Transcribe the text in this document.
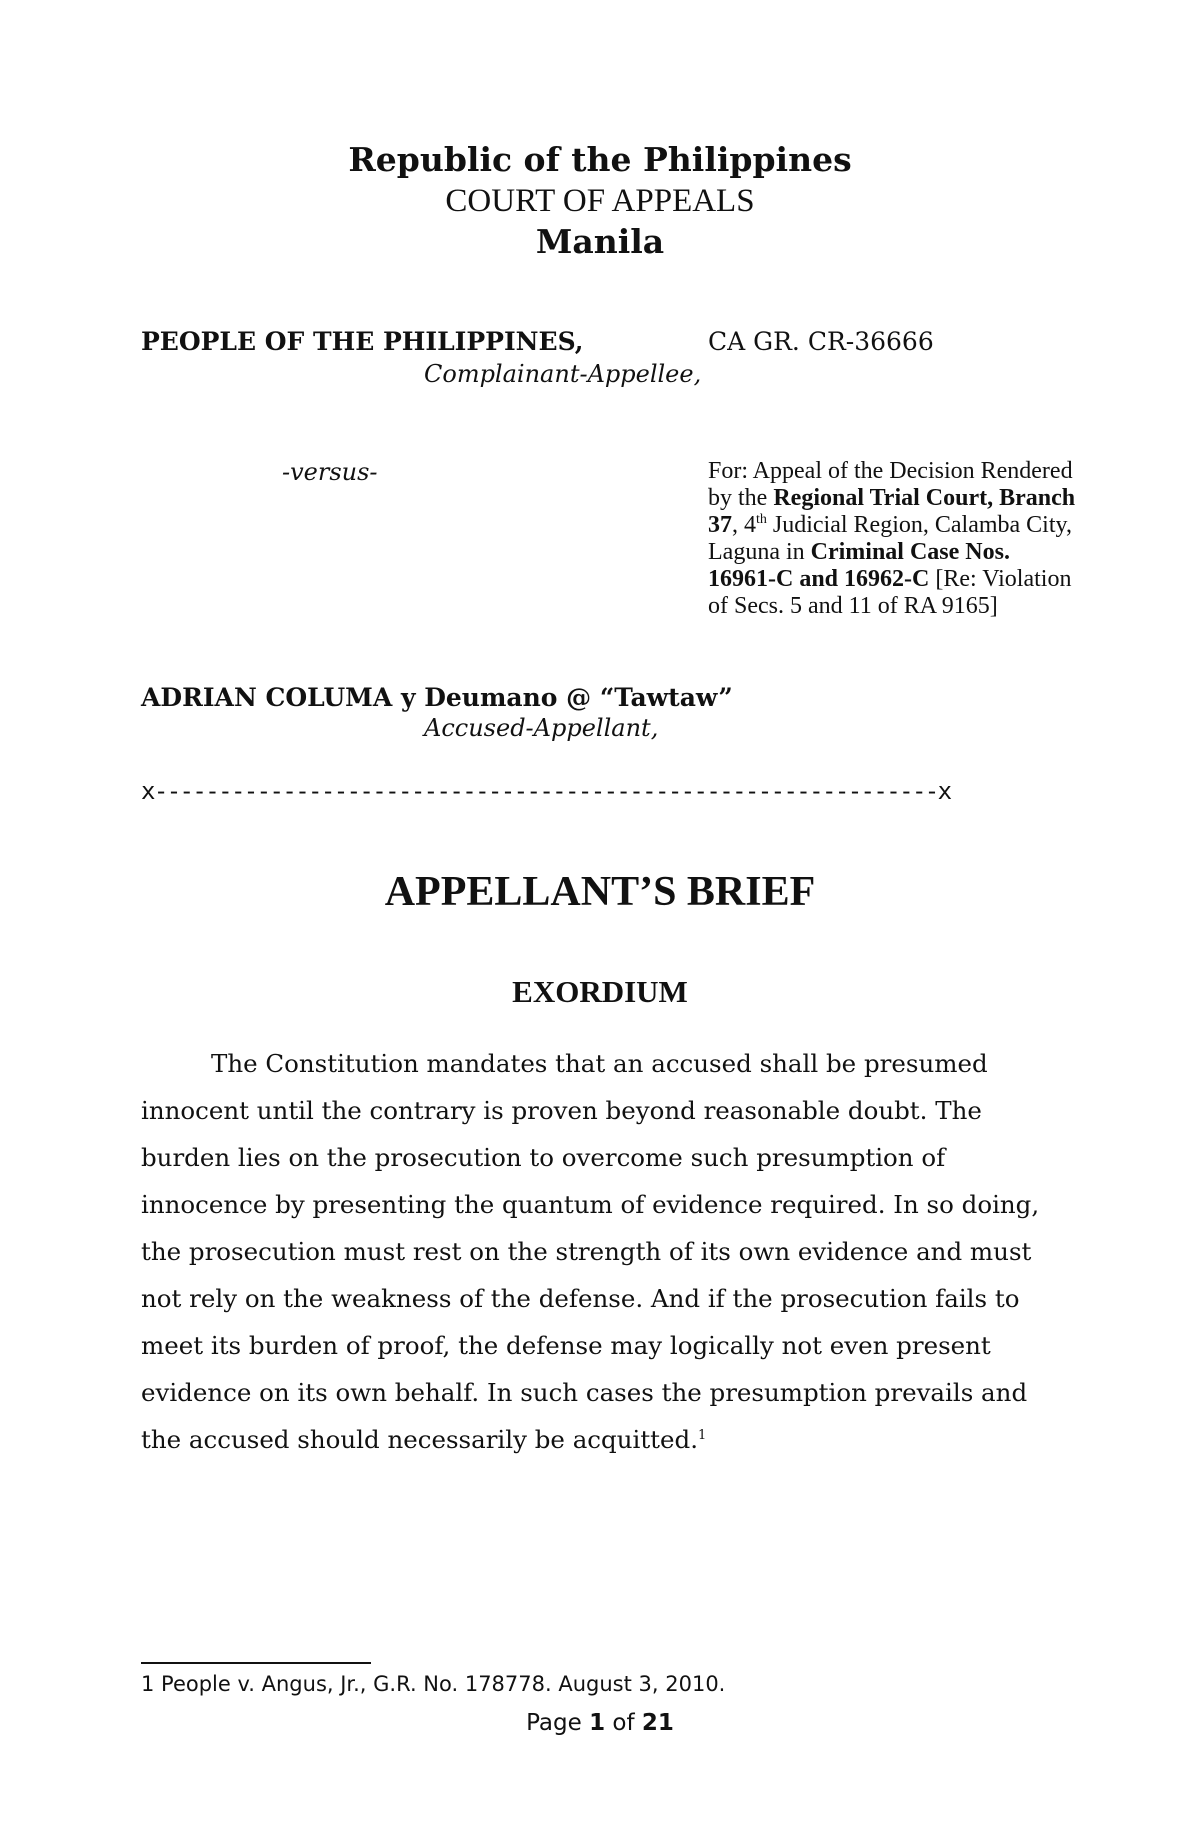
Republic of the Philippines
COURT OF APPEALS
Manila
PEOPLE OF THE PHILIPPINES,
Complainant-Appellee,
CA GR. CR-36666
-versus-	For: Appeal of the Decision Rendered by the Regional Trial Court, Branch 37, 4th Judicial Region, Calamba City, Laguna in Criminal Case Nos. 16961-C and 16962-C [Re: Violation of Secs. 5 and 11 of RA 9165]
ADRIAN COLUMA y Deumano @ “Tawtaw”
Accused-Appellant,
x-------------------------------------------------------------x
APPELLANT’S BRIEF
EXORDIUM
The Constitution mandates that an accused shall be presumed innocent until the contrary is proven beyond reasonable doubt. The burden lies on the prosecution to overcome such presumption of innocence by presenting the quantum of evidence required. In so doing, the prosecution must rest on the strength of its own evidence and must not rely on the weakness of the defense. And if the prosecution fails to meet its burden of proof, the defense may logically not even present evidence on its own behalf. In such cases the presumption prevails and the accused should necessarily be acquitted.$^1$
1 People v. Angus, Jr., G.R. No. 178778. August 3, 2010.
Page 1 of 21
